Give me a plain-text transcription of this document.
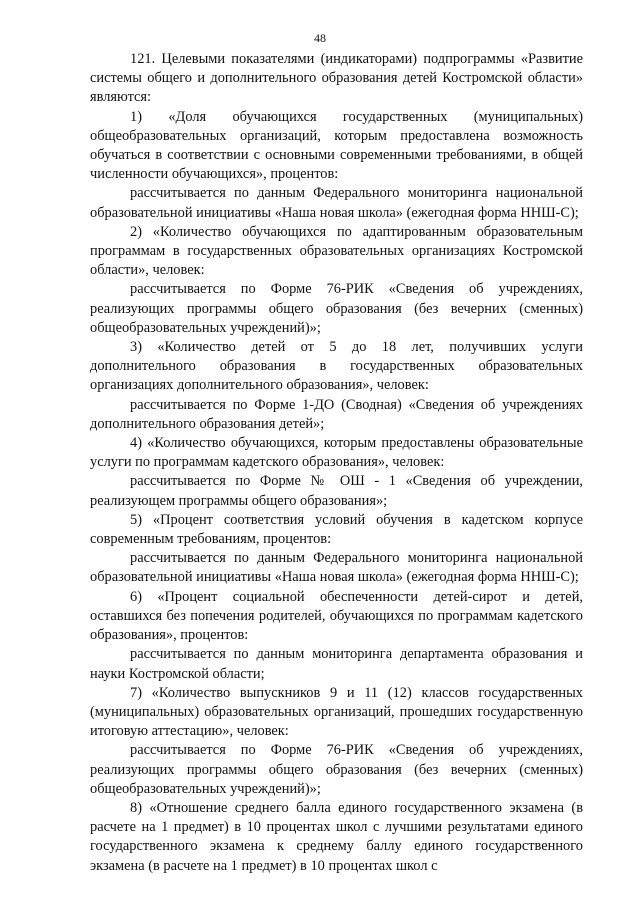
48

121. Целевыми показателями (индикаторами) подпрограммы «Развитие системы общего и дополнительного образования детей Костромской области» являются:

1) «Доля обучающихся государственных (муниципальных) общеобразовательных организаций, которым предоставлена возможность обучаться в соответствии с основными современными требованиями, в общей численности обучающихся», процентов:

рассчитывается по данным Федерального мониторинга национальной образовательной инициативы «Наша новая школа» (ежегодная форма НHШ-С);

2) «Количество обучающихся по адаптированным образовательным программам в государственных образовательных организациях Костромской области», человек:

рассчитывается по Форме 76-РИК «Сведения об учреждениях, реализующих программы общего образования (без вечерних (сменных) общеобразовательных учреждений)»;

3) «Количество детей от 5 до 18 лет, получивших услуги дополнительного образования в государственных образовательных организациях дополнительного образования», человек:

рассчитывается по Форме 1-ДО (Сводная) «Сведения об учреждениях дополнительного образования детей»;

4) «Количество обучающихся, которым предоставлены образовательные услуги по программам кадетского образования», человек:

рассчитывается по Форме № ОШ - 1 «Сведения об учреждении, реализующем программы общего образования»;

5) «Процент соответствия условий обучения в кадетском корпусе современным требованиям, процентов:

рассчитывается по данным Федерального мониторинга национальной образовательной инициативы «Наша новая школа» (ежегодная форма НHШ-С);

6) «Процент социальной обеспеченности детей-сирот и детей, оставшихся без попечения родителей, обучающихся по программам кадетского образования», процентов:

рассчитывается по данным мониторинга департамента образования и науки Костромской области;

7) «Количество выпускников 9 и 11 (12) классов государственных (муниципальных) образовательных организаций, прошедших государственную итоговую аттестацию», человек:

рассчитывается по Форме 76-РИК «Сведения об учреждениях, реализующих программы общего образования (без вечерних (сменных) общеобразовательных учреждений)»;

8) «Отношение среднего балла единого государственного экзамена (в расчете на 1 предмет) в 10 процентах школ с лучшими результатами единого государственного экзамена к среднему баллу единого государственного экзамена (в расчете на 1 предмет) в 10 процентах школ с
